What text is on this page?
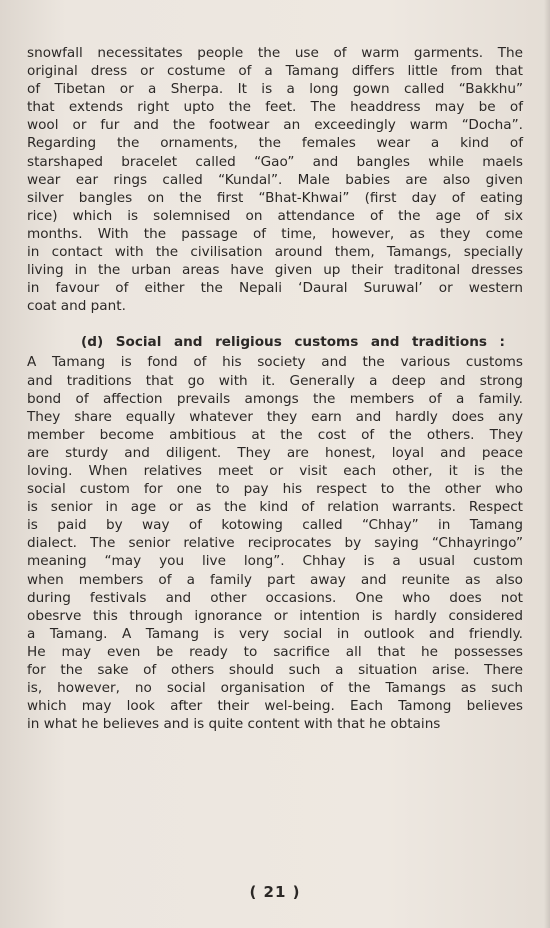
snowfall necessitates people the use of warm garments. The
original dress or costume of a Tamang differs little from that
of Tibetan or a Sherpa. It is a long gown called “Bakkhu”
that extends right upto the feet. The headdress may be of
wool or fur and the footwear an exceedingly warm “Docha”.
Regarding the ornaments, the females wear a kind of
starshaped bracelet called “Gao” and bangles while maels
wear ear rings called “Kundal”. Male babies are also given
silver bangles on the first “Bhat-Khwai” (first day of eating
rice) which is solemnised on attendance of the age of six
months. With the passage of time, however, as they come
in contact with the civilisation around them, Tamangs, specially
living in the urban areas have given up their traditonal dresses
in favour of either the Nepali ‘Daural Suruwal’ or western
coat and pant.
(d) Social and religious customs and traditions :
A Tamang is fond of his society and the various customs
and traditions that go with it. Generally a deep and strong
bond of affection prevails amongs the members of a family.
They share equally whatever they earn and hardly does any
member become ambitious at the cost of the others. They
are sturdy and diligent. They are honest, loyal and peace
loving. When relatives meet or visit each other, it is the
social custom for one to pay his respect to the other who
is senior in age or as the kind of relation warrants. Respect
is paid by way of kotowing called “Chhay” in Tamang
dialect. The senior relative reciprocates by saying “Chhayringo”
meaning “may you live long”. Chhay is a usual custom
when members of a family part away and reunite as also
during festivals and other occasions. One who does not
obesrve this through ignorance or intention is hardly considered
a Tamang. A Tamang is very social in outlook and friendly.
He may even be ready to sacrifice all that he possesses
for the sake of others should such a situation arise. There
is, however, no social organisation of the Tamangs as such
which may look after their wel-being. Each Tamong believes
in what he believes and is quite content with that he obtains
( 21 )
